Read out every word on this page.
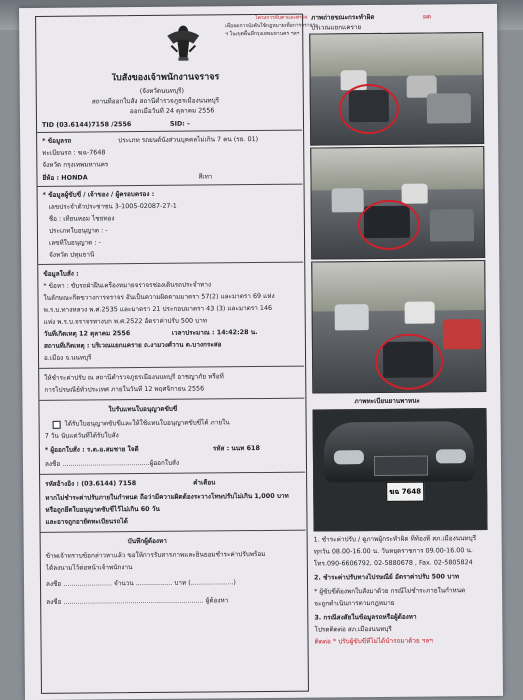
โครงการจับตาและตรวจ
เพื่อลดการบังคับใช้กฎหมายเพื่อการจราจร
ฯ ในเขตพื้นที่กรุงเทพมหานคร ฯลฯ
ใบสั่งของเจ้าพนักงานจราจร
(จังหวัดนนทบุรี)
สถานที่ออกใบสั่ง สถานีตำรวจภูธรเมืองนนทบุรี
ออกเมื่อวันที่ 24 ตุลาคม 2556
TID (03.6144)7158 /2556	SID: -
* ข้อมูลรถ	ประเภท รถยนต์นั่งส่วนบุคคลไม่เกิน 7 คน (รย. 01)
ทะเบียนรถ : ฆฉ-7648
จังหวัด กรุงเทพมหานคร
ยี่ห้อ : HONDA	สีเทา
* ข้อมูลผู้ขับขี่ / เจ้าของ / ผู้ครอบครอง :
เลขประจำตัวประชาชน 3-1005-02087-27-1
ชื่อ : เทียนหอม ไชยทอง
ประเภทใบอนุญาต : -
เลขที่ใบอนุญาต : -
จังหวัด ปทุมธานี
ข้อมูลใบสั่ง :
* ข้อหา : ขับรถฝ่าฝืนเครื่องหมายจราจรช่องเดินรถประจำทาง
ในลักษณะกีดขวางการจราจร อันเป็นความผิดตามมาตรา 57(2) และมาตรา 69 แห่ง
พ.ร.บ.ทางหลวง พ.ศ.2535 และมาตรา 21 ประกอบมาตรา 43 (3) และมาตรา 146
แห่ง พ.ร.บ.จราจรทางบก พ.ศ.2522 อัตราค่าปรับ 500 บาท
วันที่เกิดเหตุ 12 ตุลาคม 2556	เวลาประมาณ : 14:42:28 น.
สถานที่เกิดเหตุ : บริเวณแยกแคราย ถ.งามวงศ์วาน ต.บางกระสอ
อ.เมือง จ.นนทบุรี
ให้ชำระค่าปรับ ณ สถานีตำรวจภูธรเมืองนนทบุรี อาชญาภัย หรือที่
การไปรษณีย์ทั่วประเทศ ภายในวันที่ 12 พฤศจิกายน 2556
ใบรับแทนใบอนุญาตขับขี่
ได้รับใบอนุญาตขับขี่และให้ใช้แทนใบอนุญาตขับขี่ได้ ภายใน
7 วัน นับแต่วันที่ได้รับใบสั่ง
* ผู้ออกใบสั่ง : ร.ต.อ.สมชาย ใจดี	รหัส : นนท 618
ลงชื่อ ...........................................ผู้ออกใบสั่ง
รหัสอ้างอิง : (03.6144) 7158	คำเตือน
หากไม่ชำระค่าปรับภายในกำหนด ถือว่ามีความผิดต้องระวางโทษปรับไม่เกิน 1,000 บาท
หรือถูกยึดใบอนุญาตขับขี่ไว้ไม่เกิน 60 วัน
และอาจถูกอายัดทะเบียนรถได้
บันทึกผู้ต้องหา
ข้าพเจ้าทราบข้อกล่าวหาแล้ว ขอให้การรับสารภาพและยินยอมชำระค่าปรับพร้อม
ได้ลงนามไว้ต่อหน้าเจ้าพนักงาน
ลงชื่อ ........................ จำนวน .................. บาท (.....................)
ลงชื่อ ..................................................................... ผู้ต้องหา
ภาพถ่ายขณะกระทำผิด	ผด
บริเวณแยกแคราย
ภาพทะเบียนยานพาหนะ
ฆฉ 7648
1. ชำระค่าปรับ / ดูภาพผู้กระทำผิด ที่ท้องที่ สภ.เมืองนนทบุรี
ทุกวัน 08.00-16.00 น. วันหยุดราชการ 09.00-16.00 น.
โทร.090-6606792, 02-5880678 , Fax. 02-5805824
2. ชำระค่าปรับทางไปรษณีย์ อัตราค่าปรับ 500 บาท
* ผู้ขับขี่ต้องพกใบสั่งมาด้วย กรณีไม่ชำระภายในกำหนด
จะถูกดำเนินการตามกฎหมาย
3. กรณีสงสัยในข้อมูลรถหรือผู้ต้องหา
โปรดติดต่อ สภ.เมืองนนทบุรี
ติดต่อ * ปรับผู้ขับขี่ที่ไม่ได้นำรถมาด้วย ฯลฯ
